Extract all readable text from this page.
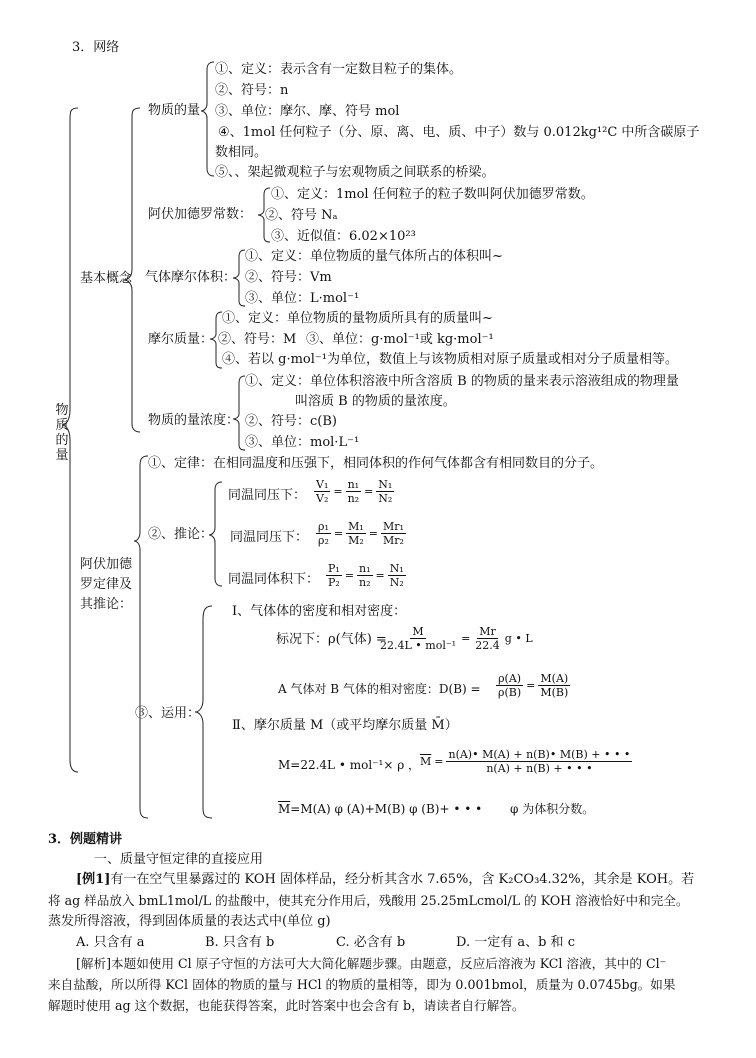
3．网络
物
质
的
量
基本概念
阿伏加德
罗定律及
其推论：
物质的量
①、定义：表示含有一定数目粒子的集体。
②、符号：n
③、单位：摩尔、摩、符号 mol
④、1mol 任何粒子（分、原、离、电、质、中子）数与 0.012kg¹²C 中所含碳原子
数相同。
⑤、、架起微观粒子与宏观物质之间联系的桥梁。
阿伏加德罗常数：
①、定义：1mol 任何粒子的粒子数叫阿伏加德罗常数。
②、符号 Nₐ
③、近似值：6.02×10²³
气体摩尔体积：
①、定义：单位物质的量气体所占的体积叫~
②、符号：Vm
③、单位：L·mol⁻¹
摩尔质量：
①、定义：单位物质的量物质所具有的质量叫~
②、符号：M ③、单位：g·mol⁻¹或 kg·mol⁻¹
④、若以 g·mol⁻¹为单位，数值上与该物质相对原子质量或相对分子质量相等。
物质的量浓度：
①、定义：单位体积溶液中所含溶质 B 的物质的量来表示溶液组成的物理量
叫溶质 B 的物质的量浓度。
②、符号：c(B)
③、单位：mol·L⁻¹
①、定律：在相同温度和压强下，相同体积的作何气体都含有相同数目的分子。
②、推论：
同温同压下：
V₁
V₂
=
n₁
n₂
=
N₁
N₂
同温同压下：
ρ₁
ρ₂
=
M₁
M₂
=
Mr₁
Mr₂
同温同体积下：
P₁
P₂
=
n₁
n₂
=
N₁
N₂
③、运用：
Ⅰ、气体体的密度和相对密度：
标况下：ρ(气体) =
M
22.4L • mol⁻¹
= $\frac{Mr}{22.4}$ g • L
A 气体对 B 气体的相对密度：D(B) =
ρ(A)
ρ(B)
=
M(A)
M(B)
Ⅱ、摩尔质量 M（或平均摩尔质量 M̄）
M=22.4L • mol⁻¹× ρ ， $\overline{M}$ =
n(A)• M(A) + n(B)• M(B) + • • •
n(A) + n(B) + • • •
$\overline{M}=M(A)$ φ (A)+M(B) φ (B)+ • • • φ 为体积分数。
3．例题精讲
一、质量守恒定律的直接应用
[例1]有一在空气里暴露过的 KOH 固体样品，经分析其含水 7.65%，含 K₂CO₃4.32%，其余是 KOH。若
将 ag 样品放入 bmL1mol/L 的盐酸中，使其充分作用后，残酸用 25.25mLcmol/L 的 KOH 溶液恰好中和完全。
蒸发所得溶液，得到固体质量的表达式中(单位 g)
A. 只含有 a	B. 只含有 b	C. 必含有 b	D. 一定有 a、b 和 c
[解析]本题如使用 Cl 原子守恒的方法可大大简化解题步骤。由题意，反应后溶液为 KCl 溶液，其中的 Cl⁻
来自盐酸，所以所得 KCl 固体的物质的量与 HCl 的物质的量相等，即为 0.001bmol，质量为 0.0745bg。如果
解题时使用 ag 这个数据，也能获得答案，此时答案中也会含有 b，请读者自行解答。
